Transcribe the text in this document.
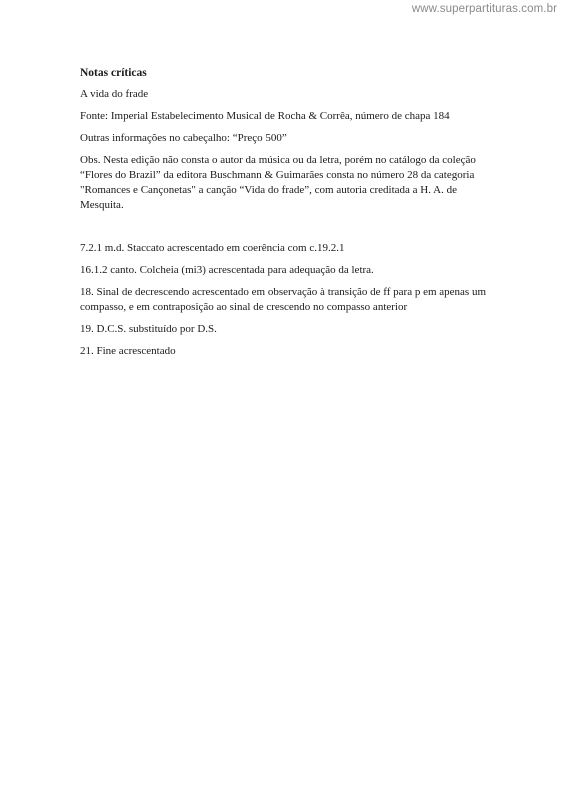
www.superpartituras.com.br
Notas críticas

A vida do frade

Fonte: Imperial Estabelecimento Musical de Rocha & Corrêa, número de chapa 184

Outras informações no cabeçalho: “Preço 500”

Obs. Nesta edição não consta o autor da música ou da letra, porém no catálogo da coleção “Flores do Brazil” da editora Buschmann & Guimarães consta no número 28 da categoria "Romances e Cançonetas" a canção “Vida do frade”, com autoria creditada a H. A. de Mesquita.

7.2.1 m.d. Staccato acrescentado em coerência com c.19.2.1

16.1.2 canto. Colcheia (mi3) acrescentada para adequação da letra.

18. Sinal de decrescendo acrescentado em observação à transição de ff para p em apenas um compasso, e em contraposição ao sinal de crescendo no compasso anterior

19. D.C.S. substituído por D.S.

21. Fine acrescentado
